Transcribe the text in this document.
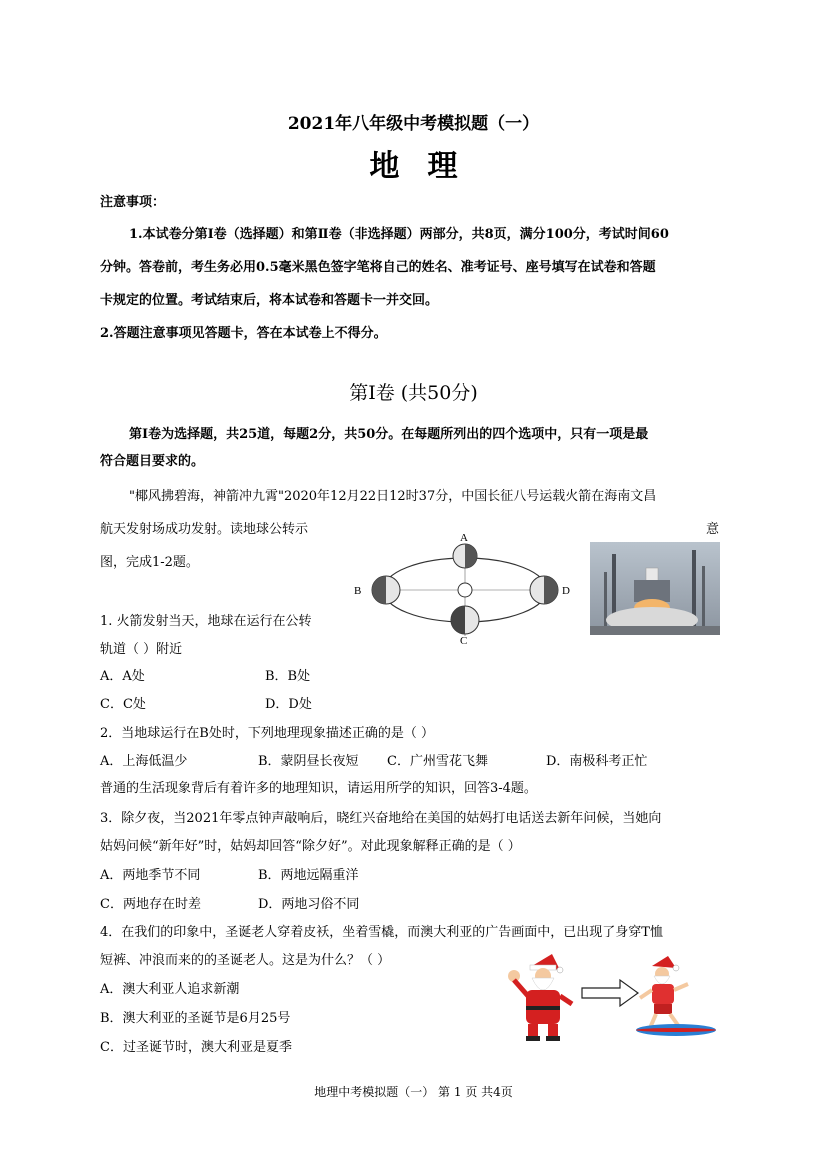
2021年八年级中考模拟题（一）
地理
注意事项：
1.本试卷分第Ⅰ卷（选择题）和第Ⅱ卷（非选择题）两部分，共8页，满分100分，考试时间60
分钟。答卷前，考生务必用0.5毫米黑色签字笔将自己的姓名、准考证号、座号填写在试卷和答题
卡规定的位置。考试结束后，将本试卷和答题卡一并交回。
2.答题注意事项见答题卡，答在本试卷上不得分。
第Ⅰ卷 (共50分)
第Ⅰ卷为选择题，共25道，每题2分，共50分。在每题所列出的四个选项中，只有一项是最
符合题目要求的。
"椰风拂碧海，神箭冲九霄"2020年12月22日12时37分，中国长征八号运载火箭在海南文昌
航天发射场成功发射。读地球公转示	意
图，完成1-2题。
A
B
C
D
1. 火箭发射当天，地球在运行在公转
轨道（ ）附近
A．A处	B．B处
C．C处	D．D处
2．当地球运行在B处时，下列地理现象描述正确的是（ ）
A．上海低温少	B．蒙阴昼长夜短 C．广州雪花飞舞	D．南极科考正忙
普通的生活现象背后有着许多的地理知识，请运用所学的知识，回答3-4题。
3．除夕夜，当2021年零点钟声敲响后，晓红兴奋地给在美国的姑妈打电话送去新年问候，当她向
姑妈问候“新年好”时，姑妈却回答“除夕好”。对此现象解释正确的是（ ）
A．两地季节不同	B．两地远隔重洋
C．两地存在时差	D．两地习俗不同
4．在我们的印象中，圣诞老人穿着皮袄，坐着雪橇，而澳大利亚的广告画面中，已出现了身穿T恤
短裤、冲浪而来的的圣诞老人。这是为什么？（ ）
A．澳大利亚人追求新潮
B．澳大利亚的圣诞节是6月25号
C．过圣诞节时，澳大利亚是夏季
地理中考模拟题（一） 第 1 页 共4页
